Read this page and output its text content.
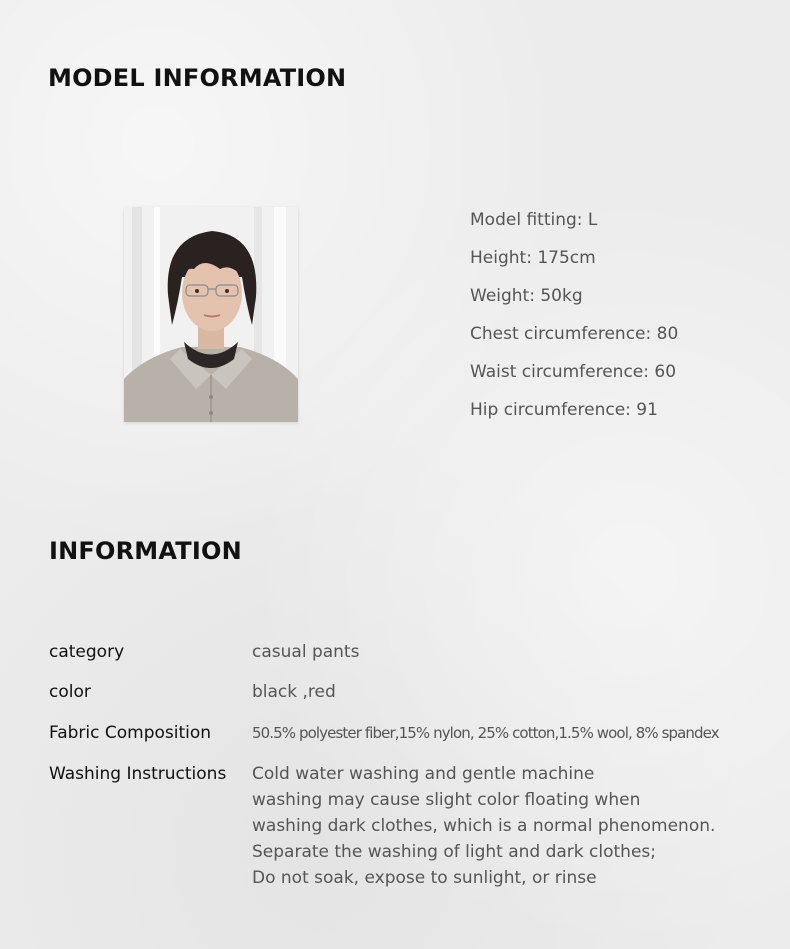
MODEL INFORMATION
Model fitting: L
Height: 175cm
Weight: 50kg
Chest circumference: 80
Waist circumference: 60
Hip circumference: 91
INFORMATION
category	casual pants
color	black ,red
Fabric Composition	50.5% polyester fiber,15% nylon, 25% cotton,1.5% wool, 8% spandex
Washing Instructions Cold water washing and gentle machine
washing may cause slight color floating when
washing dark clothes, which is a normal phenomenon.
Separate the washing of light and dark clothes;
Do not soak, expose to sunlight, or rinse
